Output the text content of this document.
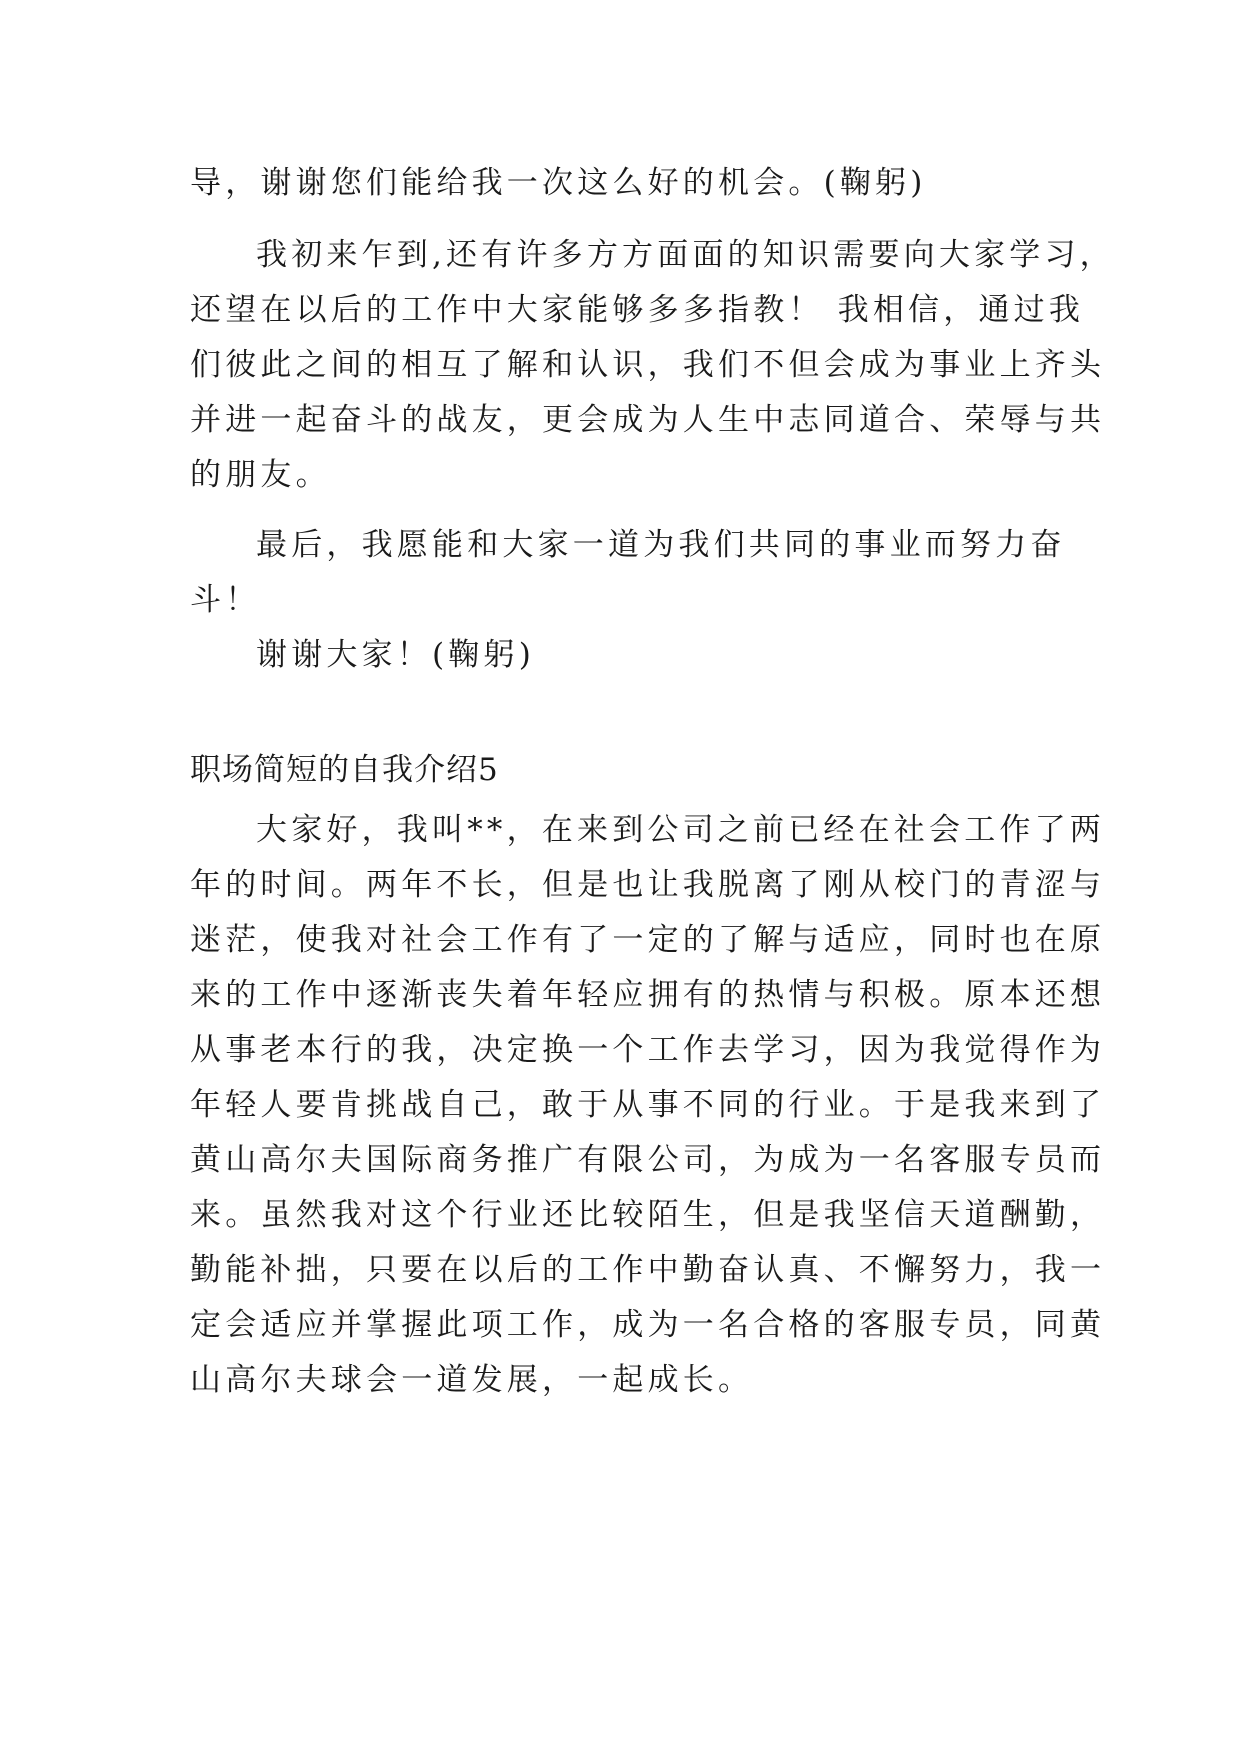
导，谢谢您们能给我一次这么好的机会。(鞠躬)
我初来乍到,还有许多方方面面的知识需要向大家学习，
还望在以后的工作中大家能够多多指教！ 我相信，通过我
们彼此之间的相互了解和认识，我们不但会成为事业上齐头
并进一起奋斗的战友，更会成为人生中志同道合、荣辱与共
的朋友。
最后，我愿能和大家一道为我们共同的事业而努力奋
斗！
谢谢大家！(鞠躬)
职场简短的自我介绍5
大家好，我叫**，在来到公司之前已经在社会工作了两
年的时间。两年不长，但是也让我脱离了刚从校门的青涩与
迷茫，使我对社会工作有了一定的了解与适应，同时也在原
来的工作中逐渐丧失着年轻应拥有的热情与积极。原本还想
从事老本行的我，决定换一个工作去学习，因为我觉得作为
年轻人要肯挑战自己，敢于从事不同的行业。于是我来到了
黄山高尔夫国际商务推广有限公司，为成为一名客服专员而
来。虽然我对这个行业还比较陌生，但是我坚信天道酬勤，
勤能补拙，只要在以后的工作中勤奋认真、不懈努力，我一
定会适应并掌握此项工作，成为一名合格的客服专员，同黄
山高尔夫球会一道发展，一起成长。
